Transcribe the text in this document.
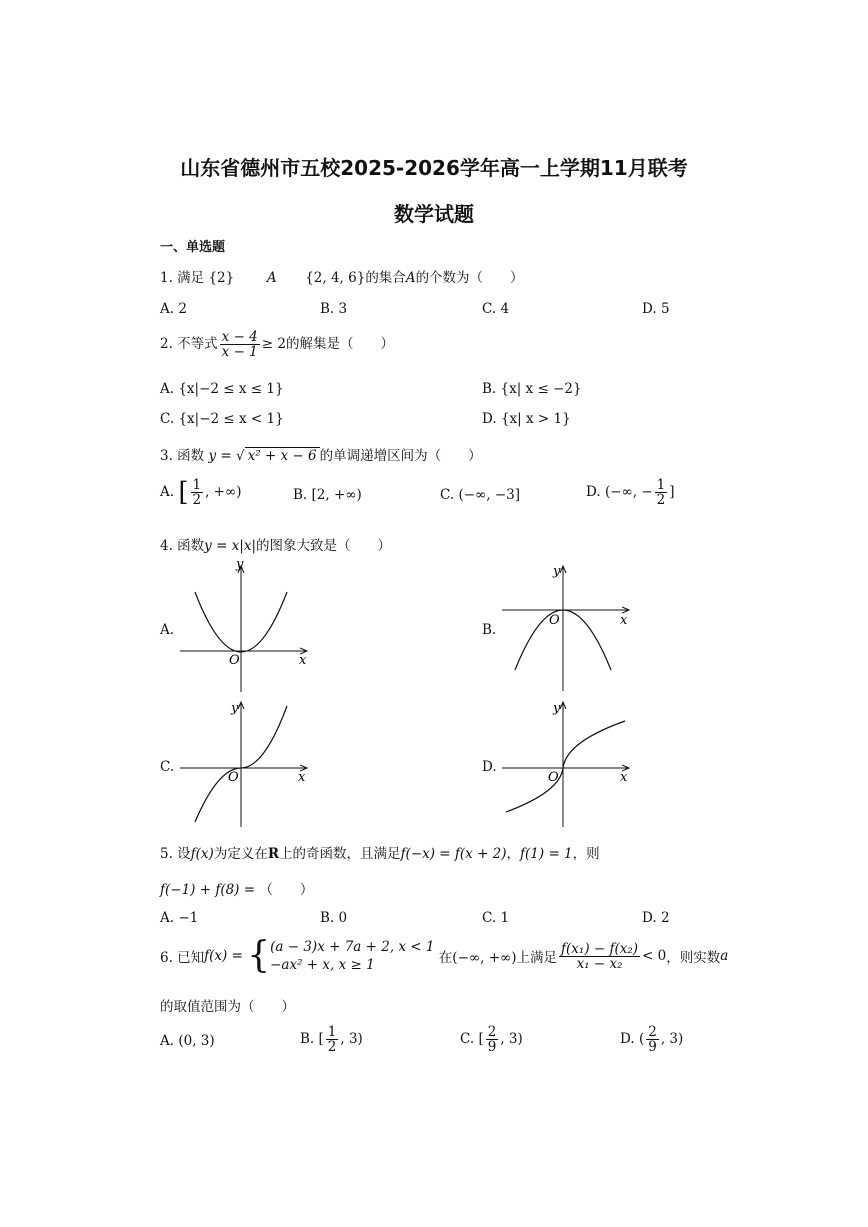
山东省德州市五校2025-2026学年高一上学期11月联考
数学试题
一、单选题
1. 满足 {2} A {2, 4, 6}的集合A的个数为（　　）
A. 2	B. 3	C. 4	D. 5
2. 不等式 $\frac{x - 4}{x - 1} \ge 2$的解集是（　　）
A. {x|−2 ≤ x ≤ 1}	B. {x| x ≤ −2}
C. {x|−2 ≤ x < 1}	D. {x| x > 1}
3. 函数 y = √ x² + x − 6 的单调递增区间为（　　）
A. [ $\frac{1}{2}$ , +∞)	B. [2, +∞)	C. (−∞, −3]	D. (−∞, − $\frac{1}{2}$ ]
4. 函数y = x|x|的图象大致是（　　）
A.	B.
C.	D.
y
x
O
y
x
O
y
x
O
y
x
O
5. 设f(x)为定义在R上的奇函数，且满足f(−x) = f(x + 2)，f(1) = 1，则
f(−1) + f(8) = （　　）
A. −1	B. 0	C. 1	D. 2
6. 已知f(x) = { (a − 3)x + 7a + 2, x < 1
−ax² + x, x ≥ 1	在(−∞, +∞)上满足 $\frac{\text{f(x₁) − f(x₂)}}{\text{x₁ − x₂}} < 0$，则实数a
的取值范围为（　　）
A. (0, 3)	B. [ $\frac{1}{2}$ , 3)	C. [ $\frac{2}{9}$ , 3)	D. ( $\frac{2}{9}$ , 3)
